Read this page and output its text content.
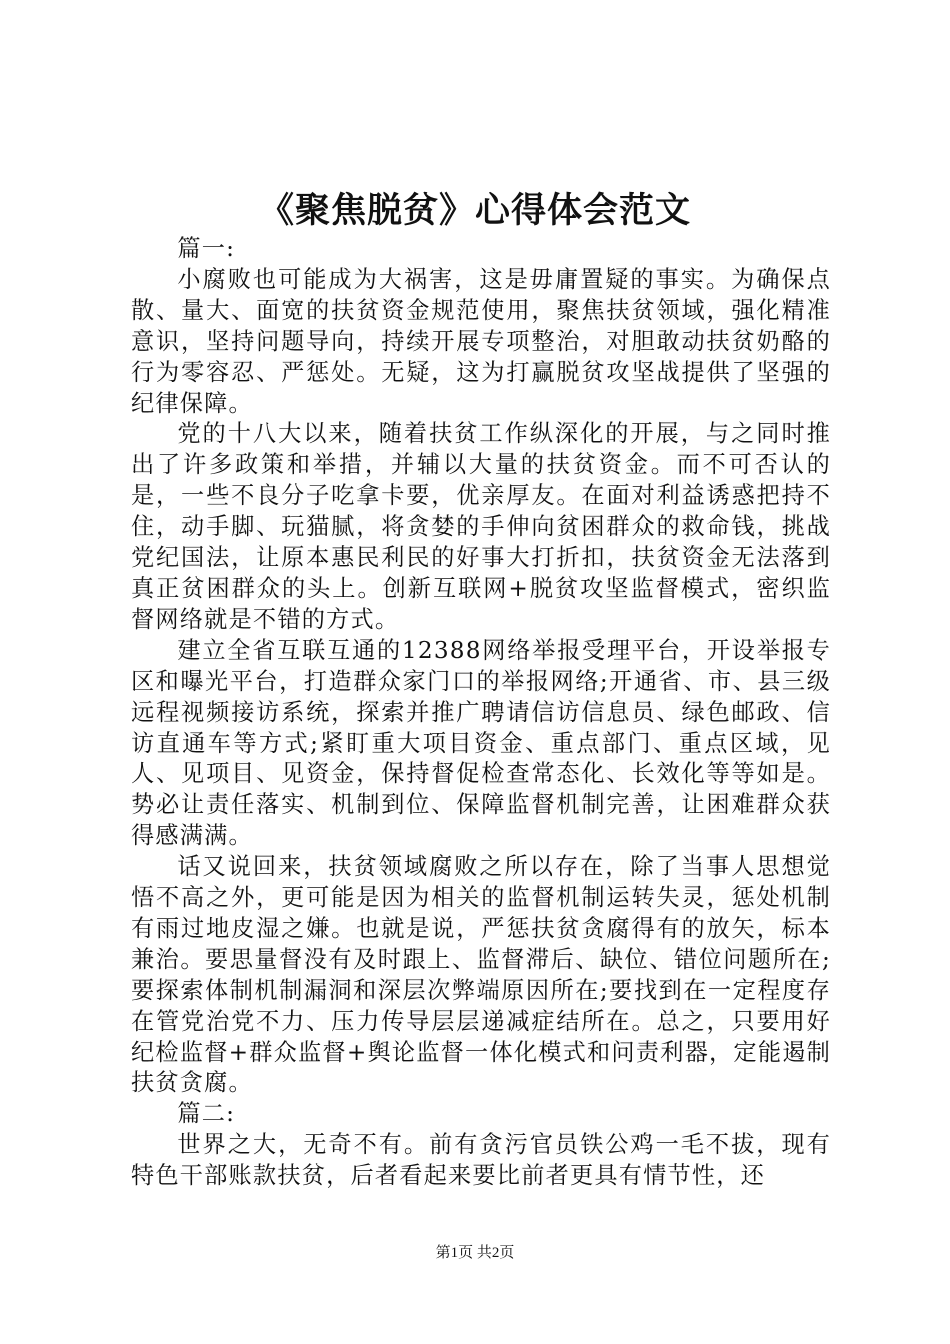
《聚焦脱贫》心得体会范文

篇一:

小腐败也可能成为大祸害，这是毋庸置疑的事实。为确保点散、量大、面宽的扶贫资金规范使用，聚焦扶贫领域，强化精准意识，坚持问题导向，持续开展专项整治，对胆敢动扶贫奶酪的行为零容忍、严惩处。无疑，这为打赢脱贫攻坚战提供了坚强的纪律保障。

党的十八大以来，随着扶贫工作纵深化的开展，与之同时推出了许多政策和举措，并辅以大量的扶贫资金。而不可否认的是，一些不良分子吃拿卡要，优亲厚友。在面对利益诱惑把持不住，动手脚、玩猫腻，将贪婪的手伸向贫困群众的救命钱，挑战党纪国法，让原本惠民利民的好事大打折扣，扶贫资金无法落到真正贫困群众的头上。创新互联网+脱贫攻坚监督模式，密织监督网络就是不错的方式。

建立全省互联互通的12388网络举报受理平台，开设举报专区和曝光平台，打造群众家门口的举报网络;开通省、市、县三级远程视频接访系统，探索并推广聘请信访信息员、绿色邮政、信访直通车等方式;紧盯重大项目资金、重点部门、重点区域，见人、见项目、见资金，保持督促检查常态化、长效化等等如是。势必让责任落实、机制到位、保障监督机制完善，让困难群众获得感满满。

话又说回来，扶贫领域腐败之所以存在，除了当事人思想觉悟不高之外，更可能是因为相关的监督机制运转失灵，惩处机制有雨过地皮湿之嫌。也就是说，严惩扶贫贪腐得有的放矢，标本兼治。要思量督没有及时跟上、监督滞后、缺位、错位问题所在;要探索体制机制漏洞和深层次弊端原因所在;要找到在一定程度存在管党治党不力、压力传导层层递减症结所在。总之，只要用好纪检监督+群众监督+舆论监督一体化模式和问责利器，定能遏制扶贫贪腐。

篇二:

世界之大，无奇不有。前有贪污官员铁公鸡一毛不拔，现有特色干部账款扶贫，后者看起来要比前者更具有情节性，还

第1页 共2页
